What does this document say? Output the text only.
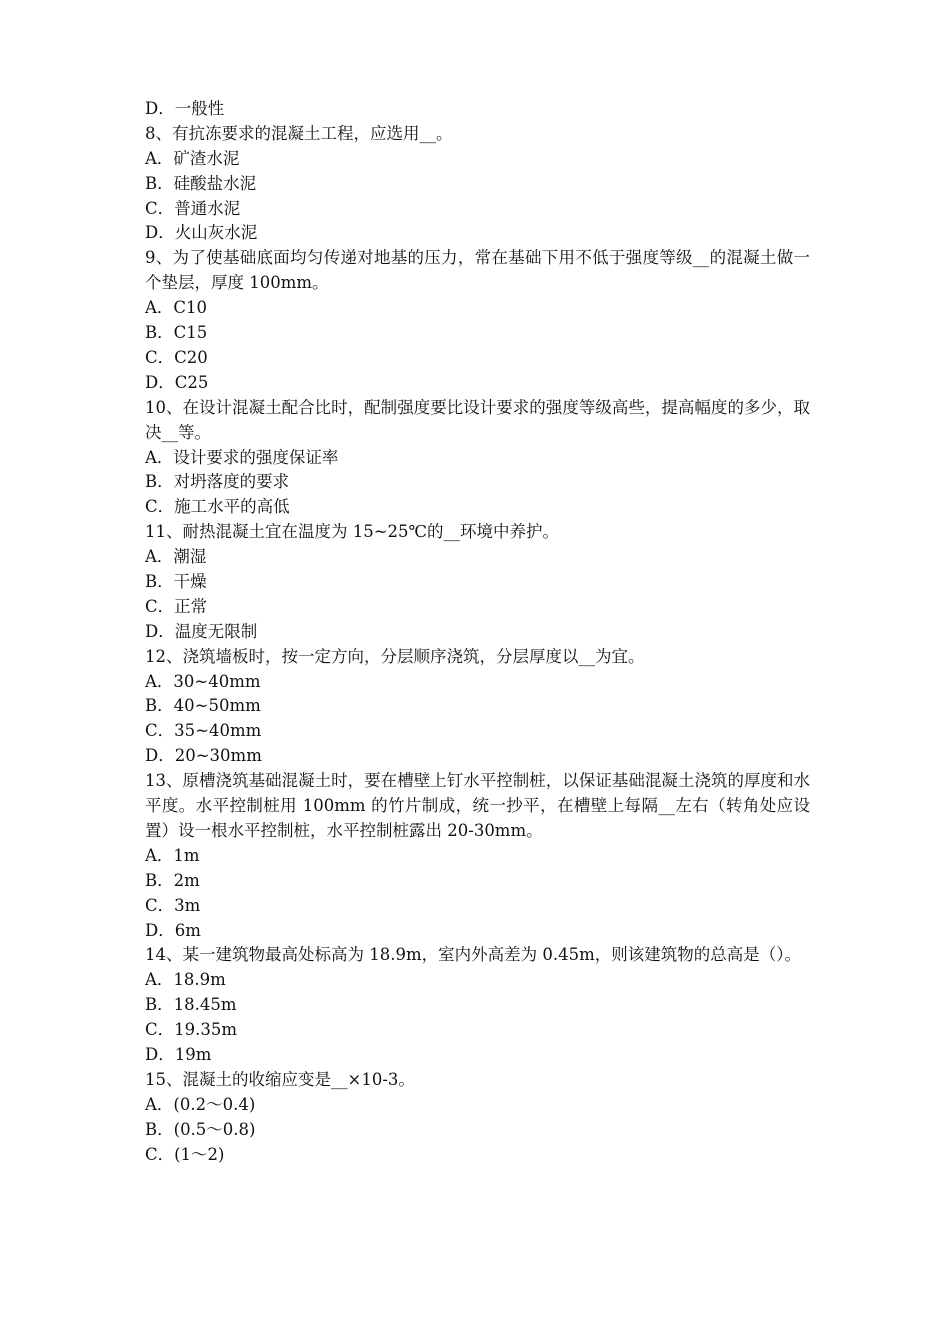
D．一般性
8、有抗冻要求的混凝土工程，应选用__。
A．矿渣水泥
B．硅酸盐水泥
C．普通水泥
D．火山灰水泥
9、为了使基础底面均匀传递对地基的压力，常在基础下用不低于强度等级__的混凝土做一个垫层，厚度 100mm。
A．C10
B．C15
C．C20
D．C25
10、在设计混凝土配合比时，配制强度要比设计要求的强度等级高些，提高幅度的多少，取决__等。
A．设计要求的强度保证率
B．对坍落度的要求
C．施工水平的高低
11、耐热混凝土宜在温度为 15~25℃的__环境中养护。
A．潮湿
B．干燥
C．正常
D．温度无限制
12、浇筑墙板时，按一定方向，分层顺序浇筑，分层厚度以__为宜。
A．30~40mm
B．40~50mm
C．35~40mm
D．20~30mm
13、原槽浇筑基础混凝土时，要在槽壁上钉水平控制桩，以保证基础混凝土浇筑的厚度和水平度。水平控制桩用 100mm 的竹片制成，统一抄平，在槽壁上每隔__左右（转角处应设置）设一根水平控制桩，水平控制桩露出 20-30mm。
A．1m
B．2m
C．3m
D．6m
14、某一建筑物最高处标高为 18.9m，室内外高差为 0.45m，则该建筑物的总高是（）。
A．18.9m
B．18.45m
C．19.35m
D．19m
15、混凝土的收缩应变是__×10-3。
A．(0.2～0.4)
B．(0.5～0.8)
C．(1～2)
